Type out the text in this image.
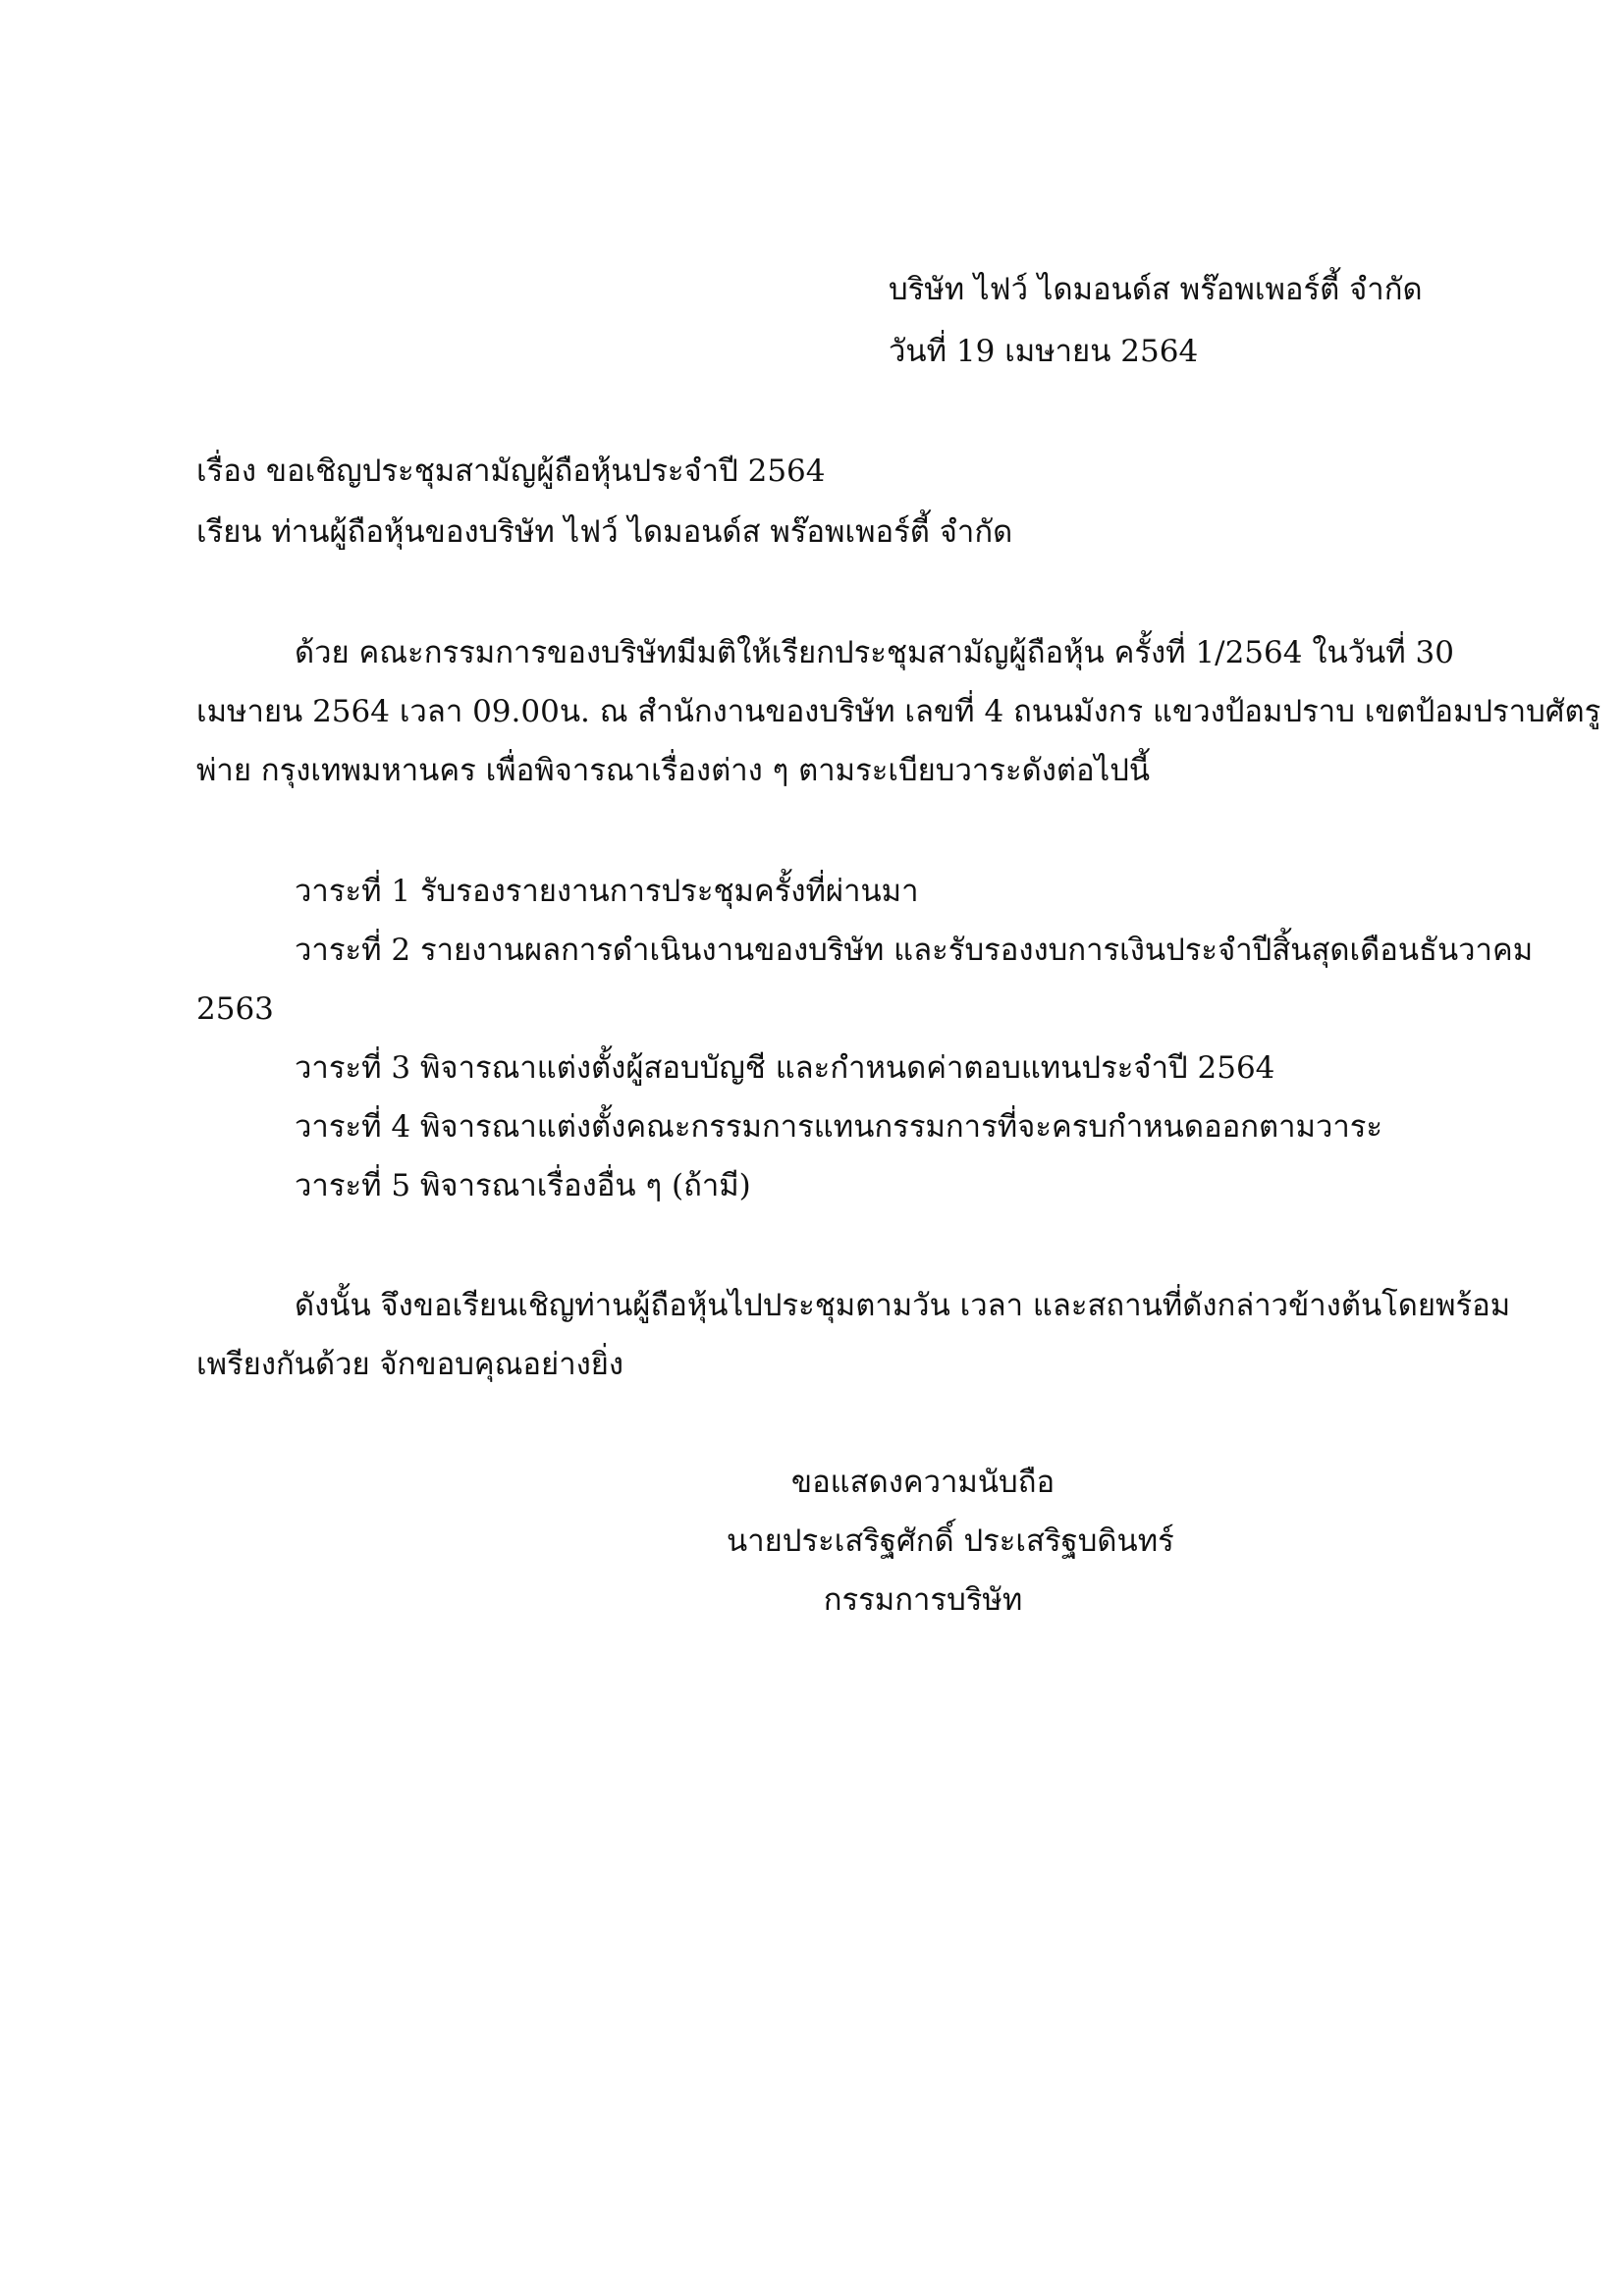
บริษัท ไฟว์ ไดมอนด์ส พร๊อพเพอร์ตี้ จำกัด
วันที่ 19 เมษายน 2564
เรื่อง ขอเชิญประชุมสามัญผู้ถือหุ้นประจำปี 2564
เรียน ท่านผู้ถือหุ้นของบริษัท ไฟว์ ไดมอนด์ส พร๊อพเพอร์ตี้ จำกัด
ด้วย คณะกรรมการของบริษัทมีมติให้เรียกประชุมสามัญผู้ถือหุ้น ครั้งที่ 1/2564 ในวันที่ 30
เมษายน 2564 เวลา 09.00น. ณ สำนักงานของบริษัท เลขที่ 4 ถนนมังกร แขวงป้อมปราบ เขตป้อมปราบศัตรู
พ่าย กรุงเทพมหานคร เพื่อพิจารณาเรื่องต่าง ๆ ตามระเบียบวาระดังต่อไปนี้
วาระที่ 1 รับรองรายงานการประชุมครั้งที่ผ่านมา
วาระที่ 2 รายงานผลการดำเนินงานของบริษัท และรับรองงบการเงินประจำปีสิ้นสุดเดือนธันวาคม
2563
วาระที่ 3 พิจารณาแต่งตั้งผู้สอบบัญชี และกำหนดค่าตอบแทนประจำปี 2564
วาระที่ 4 พิจารณาแต่งตั้งคณะกรรมการแทนกรรมการที่จะครบกำหนดออกตามวาระ
วาระที่ 5 พิจารณาเรื่องอื่น ๆ (ถ้ามี)
ดังนั้น จึงขอเรียนเชิญท่านผู้ถือหุ้นไปประชุมตามวัน เวลา และสถานที่ดังกล่าวข้างต้นโดยพร้อม
เพรียงกันด้วย จักขอบคุณอย่างยิ่ง
ขอแสดงความนับถือ
นายประเสริฐศักดิ์ ประเสริฐบดินทร์
กรรมการบริษัท
